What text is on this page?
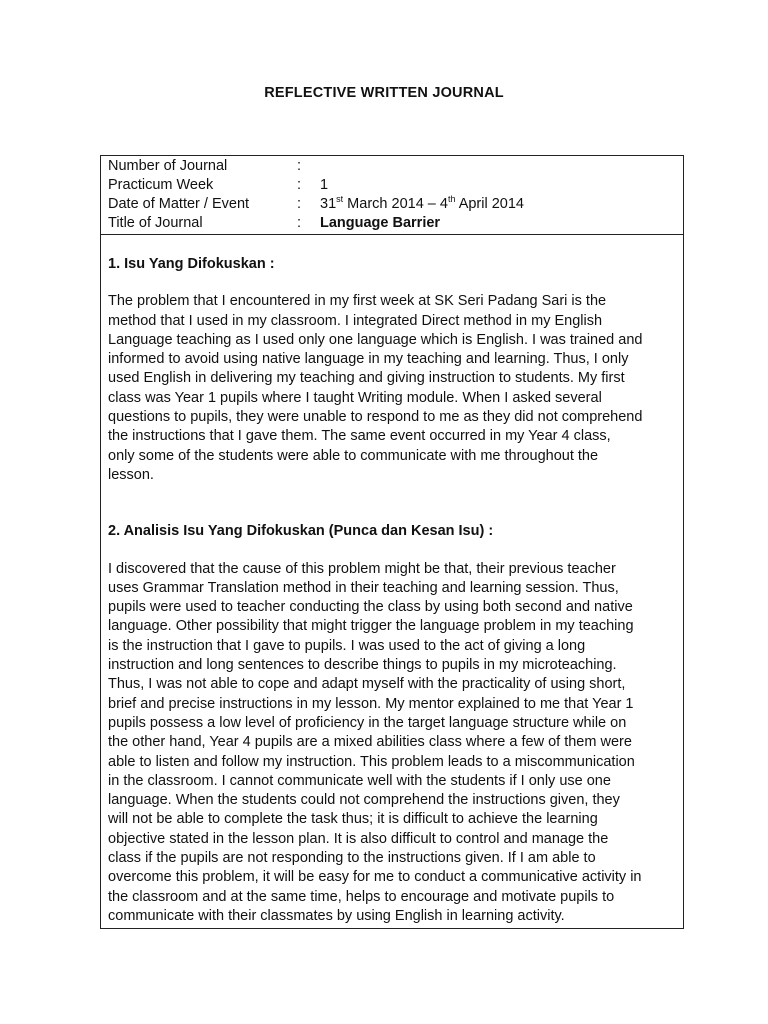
REFLECTIVE WRITTEN JOURNAL
Number of Journal	:
Practicum Week	:	1
Date of Matter / Event	:	31st March 2014 – 4th April 2014
Title of Journal	:	Language Barrier
1. Isu Yang Difokuskan :
The problem that I encountered in my first week at SK Seri Padang Sari is the
method that I used in my classroom. I integrated Direct method in my English
Language teaching as I used only one language which is English. I was trained and
informed to avoid using native language in my teaching and learning. Thus, I only
used English in delivering my teaching and giving instruction to students. My first
class was Year 1 pupils where I taught Writing module. When I asked several
questions to pupils, they were unable to respond to me as they did not comprehend
the instructions that I gave them. The same event occurred in my Year 4 class,
only some of the students were able to communicate with me throughout the
lesson.
2. Analisis Isu Yang Difokuskan (Punca dan Kesan Isu) :
I discovered that the cause of this problem might be that, their previous teacher
uses Grammar Translation method in their teaching and learning session. Thus,
pupils were used to teacher conducting the class by using both second and native
language. Other possibility that might trigger the language problem in my teaching
is the instruction that I gave to pupils. I was used to the act of giving a long
instruction and long sentences to describe things to pupils in my microteaching.
Thus, I was not able to cope and adapt myself with the practicality of using short,
brief and precise instructions in my lesson. My mentor explained to me that Year 1
pupils possess a low level of proficiency in the target language structure while on
the other hand, Year 4 pupils are a mixed abilities class where a few of them were
able to listen and follow my instruction. This problem leads to a miscommunication
in the classroom. I cannot communicate well with the students if I only use one
language. When the students could not comprehend the instructions given, they
will not be able to complete the task thus; it is difficult to achieve the learning
objective stated in the lesson plan. It is also difficult to control and manage the
class if the pupils are not responding to the instructions given. If I am able to
overcome this problem, it will be easy for me to conduct a communicative activity in
the classroom and at the same time, helps to encourage and motivate pupils to
communicate with their classmates by using English in learning activity.
